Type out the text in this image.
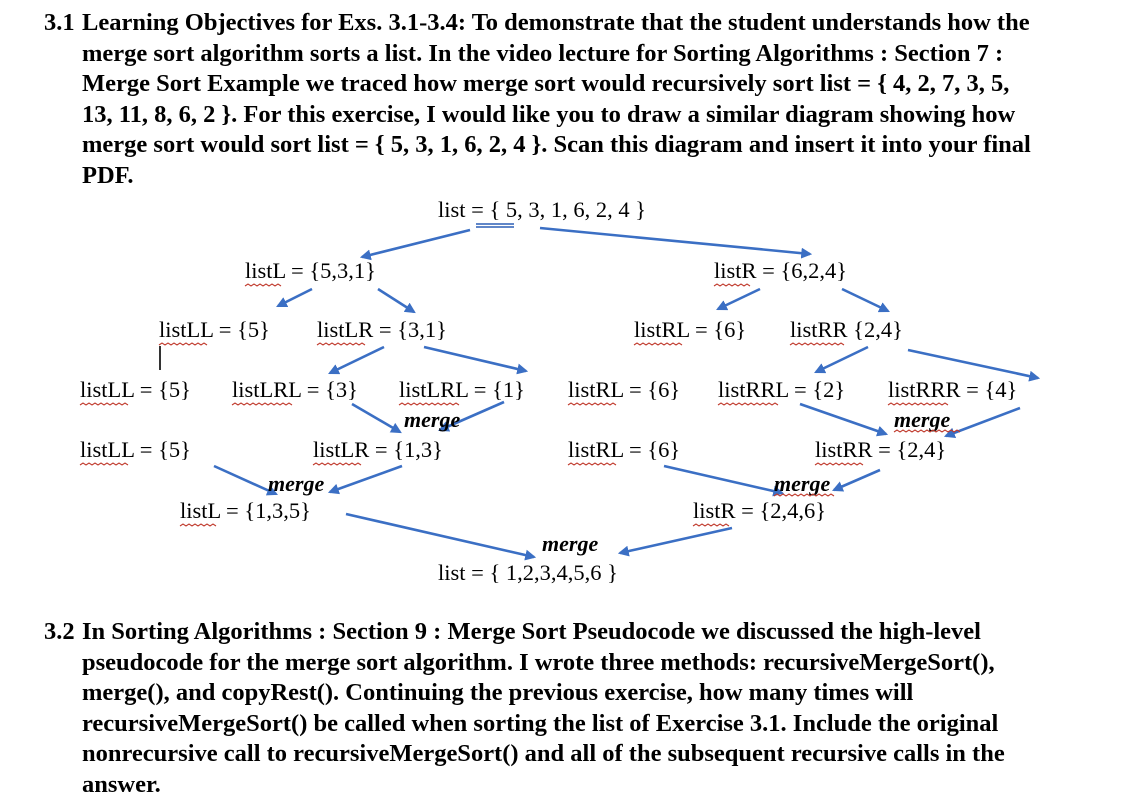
3.1 Learning Objectives for Exs. 3.1-3.4: To demonstrate that the student understands how the
merge sort algorithm sorts a list. In the video lecture for Sorting Algorithms : Section 7 :
Merge Sort Example we traced how merge sort would recursively sort list = { 4, 2, 7, 3, 5,
13, 11, 8, 6, 2 }. For this exercise, I would like you to draw a similar diagram showing how
merge sort would sort list = { 5, 3, 1, 6, 2, 4 }. Scan this diagram and insert it into your final
PDF.
list = { 5, 3, 1, 6, 2, 4 }
listL = {5,3,1}	listR = {6,2,4}
listLL = {5} listLR = {3,1}	listRL = {6} listRR {2,4}
listLL = {5} listLRL = {3} listLRL = {1} listRL = {6} listRRL = {2} listRRR = {4}
listLL = {5}	listLR = {1,3}	listRL = {6}	listRR = {2,4}
listL = {1,3,5}	listR = {2,4,6}
list = { 1,2,3,4,5,6 }
merge	merge
merge	merge
merge
3.2 In Sorting Algorithms : Section 9 : Merge Sort Pseudocode we discussed the high-level
pseudocode for the merge sort algorithm. I wrote three methods: recursiveMergeSort(),
merge(), and copyRest(). Continuing the previous exercise, how many times will
recursiveMergeSort() be called when sorting the list of Exercise 3.1. Include the original
nonrecursive call to recursiveMergeSort() and all of the subsequent recursive calls in the
answer.
